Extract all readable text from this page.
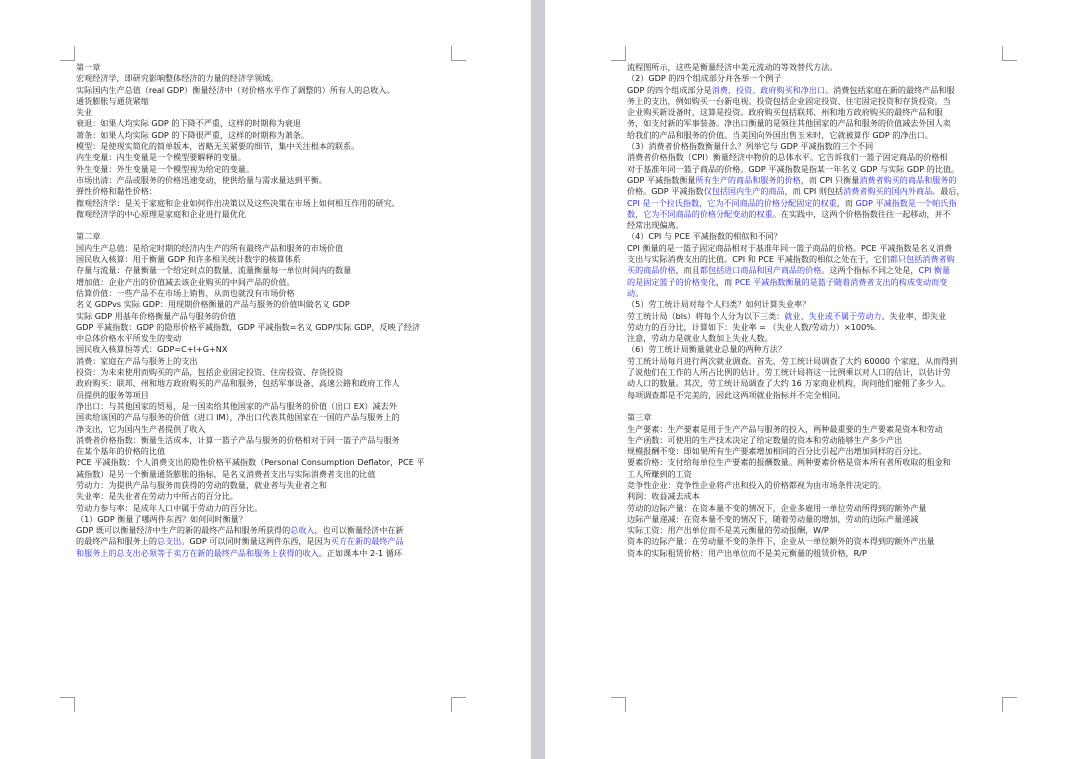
第一章
宏观经济学，即研究影响整体经济的力量的经济学领域。
实际国内生产总值（real GDP）衡量经济中（对价格水平作了调整的）所有人的总收入。
通货膨胀与通货紧缩
失业
衰退：如果人均实际 GDP 的下降不严重，这样的时期称为衰退
萧条：如果人均实际 GDP 的下降很严重，这样的时期称为萧条。
模型：是使现实简化的简单版本，省略无关紧要的细节，集中关注根本的联系。
内生变量：内生变量是一个模型要解释的变量。
外生变量：外生变量是一个模型视为给定的变量。
市场出清：产品或服务的价格迅速变动，使供给量与需求量达到平衡。
弹性价格和黏性价格：
微观经济学：是关于家庭和企业如何作出决策以及这些决策在市场上如何相互作用的研究。
微观经济学的中心原理是家庭和企业进行最优化
第二章
国内生产总值：是给定时期的经济内生产的所有最终产品和服务的市场价值
国民收入核算：用于衡量 GDP 和许多相关统计数字的核算体系
存量与流量：存量衡量一个给定时点的数量，流量衡量每一单位时间内的数量
增加值：企业产出的价值减去该企业购买的中间产品的价值。
估算价值：一些产品不在市场上销售，从而也就没有市场价格
名义 GDPvs 实际 GDP：用现期价格衡量的产品与服务的价值叫做名义 GDP
实际 GDP 用基年价格衡量产品与服务的价值
GDP 平减指数：GDP 的隐形价格平减指数，GDP 平减指数=名义 GDP/实际 GDP，反映了经济
中总体价格水平所发生的变动
国民收入核算恒等式：GDP=C+I+G+NX
消费：家庭在产品与服务上的支出
投资：为未来使用而购买的产品，包括企业固定投资、住房投资、存货投资
政府购买：联邦、州和地方政府购买的产品和服务，包括军事设备、高速公路和政府工作人
员提供的服务等项目
净出口：与其他国家的贸易，是一国卖给其他国家的产品与服务的价值（出口 EX）减去外
国卖给该国的产品与服务的价值（进口 IM），净出口代表其他国家在一国的产品与服务上的
净支出，它为国内生产者提供了收入
消费者价格指数：衡量生活成本，计算一篮子产品与服务的价格相对于同一篮子产品与服务
在某个基年的价格的比值
PCE 平减指数：个人消费支出的隐性价格平减指数（Personal Consumption Deflator，PCE 平
减指数）是另一个衡量通货膨胀的指标，是名义消费者支出与实际消费者支出的比值
劳动力：为提供产品与服务而获得的劳动的数量，就业者与失业者之和
失业率：是失业者在劳动力中所占的百分比。
劳动力参与率：是成年人口中属于劳动力的百分比。
（1）GDP 衡量了哪两件东西？如何同时衡量？
GDP 既可以衡量经济中生产的新的最终产品和服务所获得的总收入，也可以衡量经济中在新
的最终产品和服务上的总支出。GDP 可以同时衡量这两件东西，是因为买方在新的最终产品
和服务上的总支出必须等于卖方在新的最终产品和服务上获得的收入。正如课本中 2-1 循环
流程图所示，这些是衡量经济中美元流动的等效替代方法。
（2）GDP 的四个组成部分并各举一个例子
GDP 的四个组成部分是消费、投资、政府购买和净出口。消费包括家庭在新的最终产品和服
务上的支出，例如购买一台新电视。投资包括企业固定投资、住宅固定投资和存货投资。当
企业购买新设备时，这算是投资。政府购买包括联邦、州和地方政府购买的最终产品和服
务，如支付新的军事装备。净出口衡量的是领往其他国家的产品和服务的价值减去外国人卖
给我们的产品和服务的价值。当美国向外国出售玉米时，它就被算作 GDP 的净出口。
（3）消费者价格指数衡量什么？列举它与 GDP 平减指数的三个不同
消费者价格指数（CPI）衡量经济中物价的总体水平。它告诉我们一篮子固定商品的价格相
对于基准年同一篮子商品的价格。GDP 平减指数是指某一年名义 GDP 与实际 GDP 的比值。
GDP 平减指数衡量所有生产的商品和服务的价格，而 CPI 只衡量消费者购买的商品和服务的
价格。GDP 平减指数仅包括国内生产的商品，而 CPI 则包括消费者购买的国内外商品。最后，
CPI 是一个拉氏指数，它为不同商品的价格分配固定的权重，而 GDP 平减指数是一个帕氏指
数，它为不同商品的价格分配变动的权重。在实践中，这两个价格指数往往一起移动，并不
经常出现偏离。
（4）CPI 与 PCE 平减指数的相似和不同？
CPI 衡量的是一篮子固定商品相对于基准年同一篮子商品的价格。PCE 平减指数是名义消费
支出与实际消费支出的比值。CPI 和 PCE 平减指数的相似之处在于，它们都只包括消费者购
买的商品价格，而且都包括进口商品和国产商品的价格。这两个指标不同之处是，CPI 衡量
的是固定篮子的价格变化，而 PCE 平减指数衡量的是篮子随着消费者支出的构成变动而变
动。
（5）劳工统计局对每个人归类？如何计算失业率？
劳工统计局（bls）将每个人分为以下三类：就业、失业或不属于劳动力。失业率，即失业
劳动力的百分比，计算如下：失业率 = （失业人数/劳动力）×100%.
注意，劳动力是就业人数加上失业人数。
（6）劳工统计局衡量就业总量的两种方法？
劳工统计局每月进行两次就业调查。首先，劳工统计局调查了大约 60000 个家庭，从而得到
了说他们在工作的人所占比例的估计。劳工统计局将这一比例乘以对人口的估计，以估计劳
动人口的数量。其次，劳工统计局调查了大约 16 万家商业机构，询问他们雇佣了多少人。
每项调查都是不完美的，因此这两项就业指标并不完全相同。
第三章
生产要素：生产要素是用于生产产品与服务的投入，两种最重要的生产要素是资本和劳动
生产函数：可使用的生产技术决定了给定数量的资本和劳动能够生产多少产出
规模报酬不变：即如果所有生产要素增加相同的百分比引起产出增加同样的百分比。
要素价格：支付给每单位生产要素的报酬数量。两种要素价格是资本所有者所收取的租金和
工人所赚到的工资
竞争性企业：竞争性企业将产出和投入的价格都视为由市场条件决定的。
利润：收益减去成本
劳动的边际产量：在资本量不变的情况下，企业多雇用一单位劳动所得到的额外产量
边际产量递减：在资本量不变的情况下，随着劳动量的增加，劳动的边际产量递减
实际工资：用产出单位而不是美元衡量的劳动报酬，W/P
资本的边际产量：在劳动量不变的条件下，企业从一单位额外的资本得到的额外产出量
资本的实际租赁价格：用产出单位而不是美元衡量的租赁价格，R/P
